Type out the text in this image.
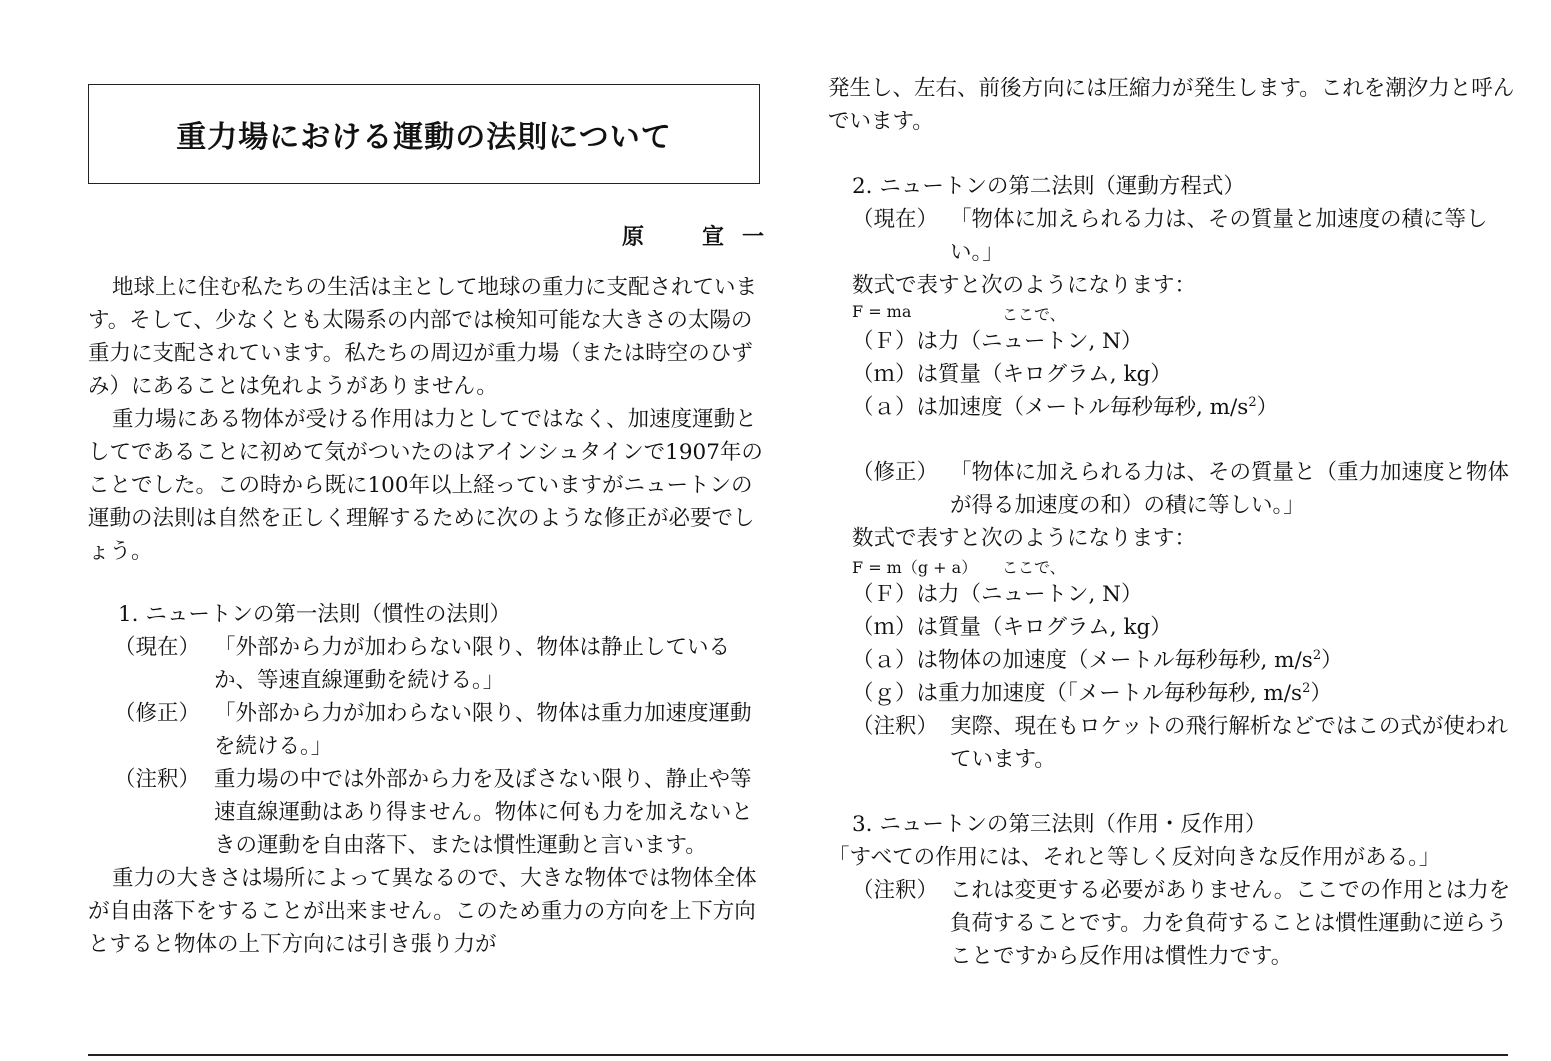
重力場における運動の法則について
原　宣一

地球上に住む私たちの生活は主として地球の重力に支配されています。そして、少なくとも太陽系の内部では検知可能な大きさの太陽の重力に支配されています。私たちの周辺が重力場（または時空のひずみ）にあることは免れようがありません。

重力場にある物体が受ける作用は力としてではなく、加速度運動としてであることに初めて気がついたのはアインシュタインで1907年のことでした。この時から既に100年以上経っていますがニュートンの運動の法則は自然を正しく理解するために次のような修正が必要でしょう。

1. ニュートンの第一法則（慣性の法則）
（現在） 「外部から力が加わらない限り、物体は静止しているか、等速直線運動を続ける。」
（修正） 「外部から力が加わらない限り、物体は重力加速度運動を続ける。」
（注釈） 重力場の中では外部から力を及ぼさない限り、静止や等速直線運動はあり得ません。物体に何も力を加えないときの運動を自由落下、または慣性運動と言います。

重力の大きさは場所によって異なるので、大きな物体では物体全体が自由落下をすることが出来ません。このため重力の方向を上下方向とすると物体の上下方向には引き張り力が

発生し、左右、前後方向には圧縮力が発生します。これを潮汐力と呼んでいます。

2. ニュートンの第二法則（運動方程式）
（現在） 「物体に加えられる力は、その質量と加速度の積に等しい。」

数式で表すと次のようになります：

F = ma	ここで、

（Ｆ）は力（ニュートン, N）

（ｍ）は質量（キログラム, kg）

（ａ）は加速度（メートル毎秒毎秒, $m/s^2$）

（修正） 「物体に加えられる力は、その質量と（重力加速度と物体が得る加速度の和）の積に等しい。」

数式で表すと次のようになります：

F = m（g + a）	ここで、

（Ｆ）は力（ニュートン, N）

（ｍ）は質量（キログラム, kg）

（ａ）は物体の加速度（メートル毎秒毎秒, $m/s^2$）

（ｇ）は重力加速度（「メートル毎秒毎秒, $m/s^2$）

（注釈） 実際、現在もロケットの飛行解析などではこの式が使われています。
3. ニュートンの第三法則（作用・反作用）

「すべての作用には、それと等しく反対向きな反作用がある。」

（注釈） これは変更する必要がありません。ここでの作用とは力を負荷することです。力を負荷することは慣性運動に逆らうことですから反作用は慣性力です。
